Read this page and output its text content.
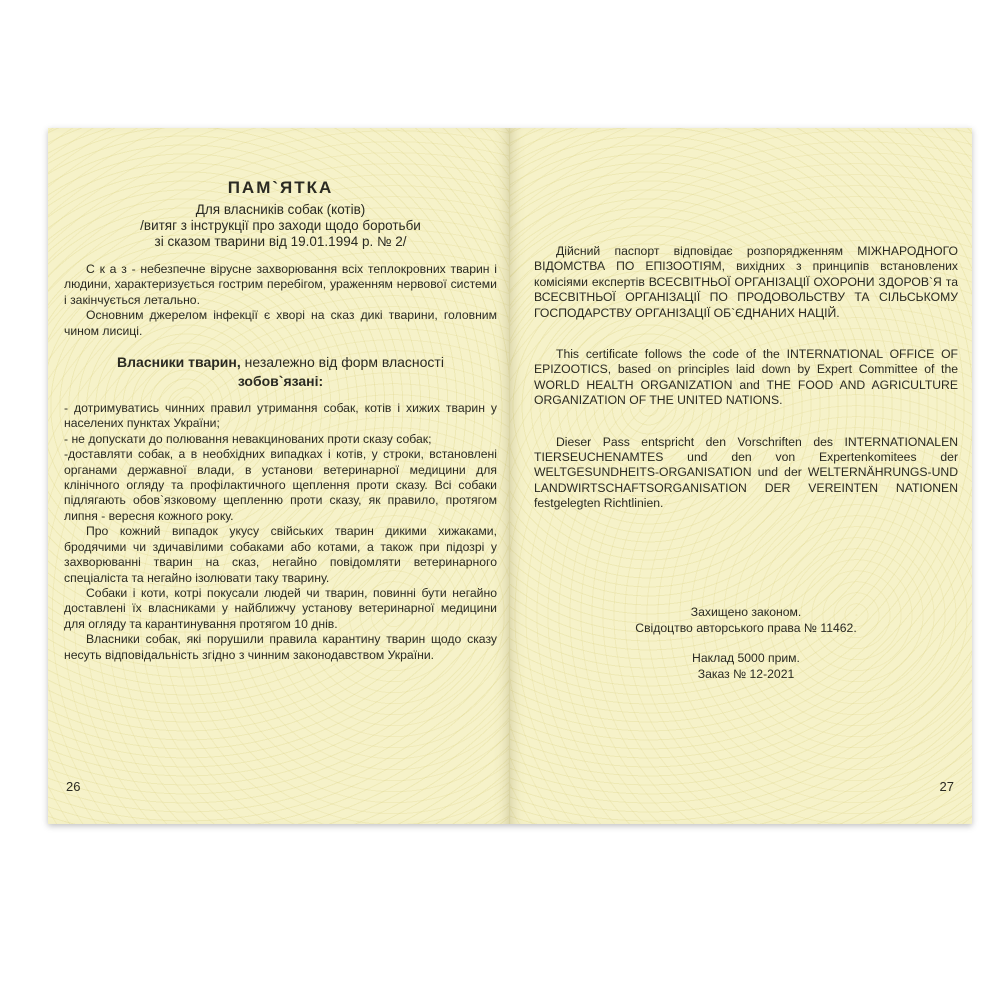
ПАМ`ЯТКА

Для власників собак (котів)

/витяг з інструкції про заходи щодо боротьби

зі сказом тварини від 19.01.1994 р. № 2/

С к а з - небезпечне вірусне захворювання всіх теплокровних тварин і людини, характеризується гострим перебігом, ураженням нервової системи і закінчується летально.

Основним джерелом інфекції є хворі на сказ дикі тварини, головним чином лисиці.

Власники тварин, незалежно від форм власності

зобов`язані:

- дотримуватись чинних правил утримання собак, котів і хижих тварин у населених пунктах України;

- не допускати до полювання невакцинованих проти сказу собак;

-доставляти собак, а в необхідних випадках і котів, у строки, встановлені органами державної влади, в установи ветеринарної медицини для клінічного огляду та профілактичного щеплення проти сказу. Всі собаки підлягають обов`язковому щепленню проти сказу, як правило, протягом липня - вересня кожного року.

Про кожний випадок укусу свійських тварин дикими хижаками, бродячими чи здичавілими собаками або котами, а також при підозрі у захворюванні тварин на сказ, негайно повідомляти ветеринарного спеціаліста та негайно ізолювати таку тварину.

Собаки і коти, котрі покусали людей чи тварин, повинні бути негайно доставлені їх власниками у найближчу установу ветеринарної медицини для огляду та карантинування протягом 10 днів.

Власники собак, які порушили правила карантину тварин щодо сказу несуть відповідальність згідно з чинним законодавством України.

26

Дійсний паспорт відповідає розпорядженням МІЖНАРОДНОГО ВІДОМСТВА ПО ЕПІЗООТІЯМ, вихідних з принципів встановлених комісіями експертів ВСЕСВІТНЬОЇ ОРГАНІЗАЦІЇ ОХОРОНИ ЗДОРОВ`Я та ВСЕСВІТНЬОЇ ОРГАНІЗАЦІЇ ПО ПРОДОВОЛЬСТВУ ТА СІЛЬСЬКОМУ ГОСПОДАРСТВУ ОРГАНІЗАЦІЇ ОБ`ЄДНАНИХ НАЦІЙ.

This certificate follows the code of the INTERNATIONAL OFFICE OF EPIZOOTICS, based on principles laid down by Expert Committee of the WORLD HEALTH ORGANIZATION and THE FOOD AND AGRICULTURE ORGANIZATION OF THE UNITED NATIONS.

Dieser Pass entspricht den Vorschriften des INTERNATIONALEN TIERSEUCHENAMTES und den von Expertenkomitees der WELTGESUNDHEITS-ORGANISATION und der WELTERNÄHRUNGS-UND LANDWIRTSCHAFTSORGANISATION DER VEREINTEN NATIONEN festgelegten Richtlinien.

Захищено законом.

Свідоцтво авторського права № 11462.

Наклад 5000 прим.

Заказ № 12-2021

27
